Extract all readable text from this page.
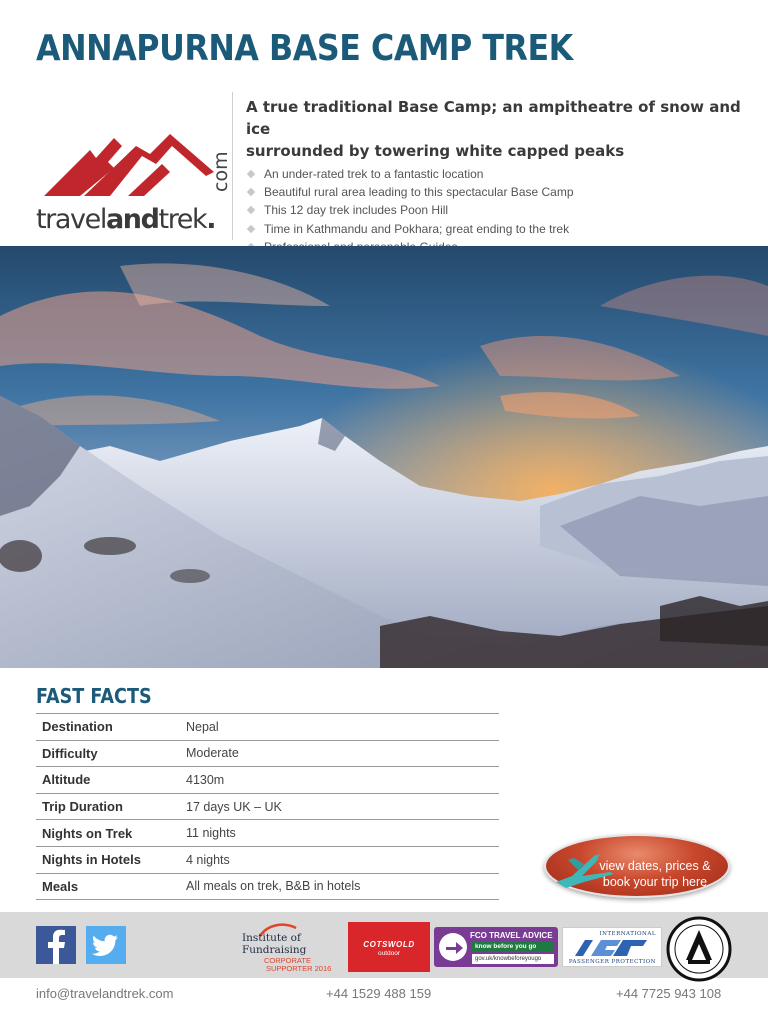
ANNAPURNA BASE CAMP TREK
travelandtrek.
com
A true traditional Base Camp; an ampitheatre of snow and ice
surrounded by towering white capped peaks
An under-rated trek to a fantastic location
Beautiful rural area leading to this spectacular Base Camp
This 12 day trek includes Poon Hill
Time in Kathmandu and Pokhara; great ending to the trek
FAST FACTS
Destination	Nepal
Difficulty	Moderate
Altitude	4130m
Trip Duration	17 days UK – UK
Nights on Trek	11 nights
Nights in Hotels	4 nights
Meals	All meals on trek, B&B in hotels
view dates, prices &
book your trip here
Institute of
Fundraising
CORPORATE
SUPPORTER 2016
COTSWOLD
outdoor
FCO TRAVEL ADVICE
know before you go
gov.uk/knowbeforeyougo
INTERNATIONAL
PASSENGER PROTECTION
info@travelandtrek.com	+44 1529 488 159	+44 7725 943 108
